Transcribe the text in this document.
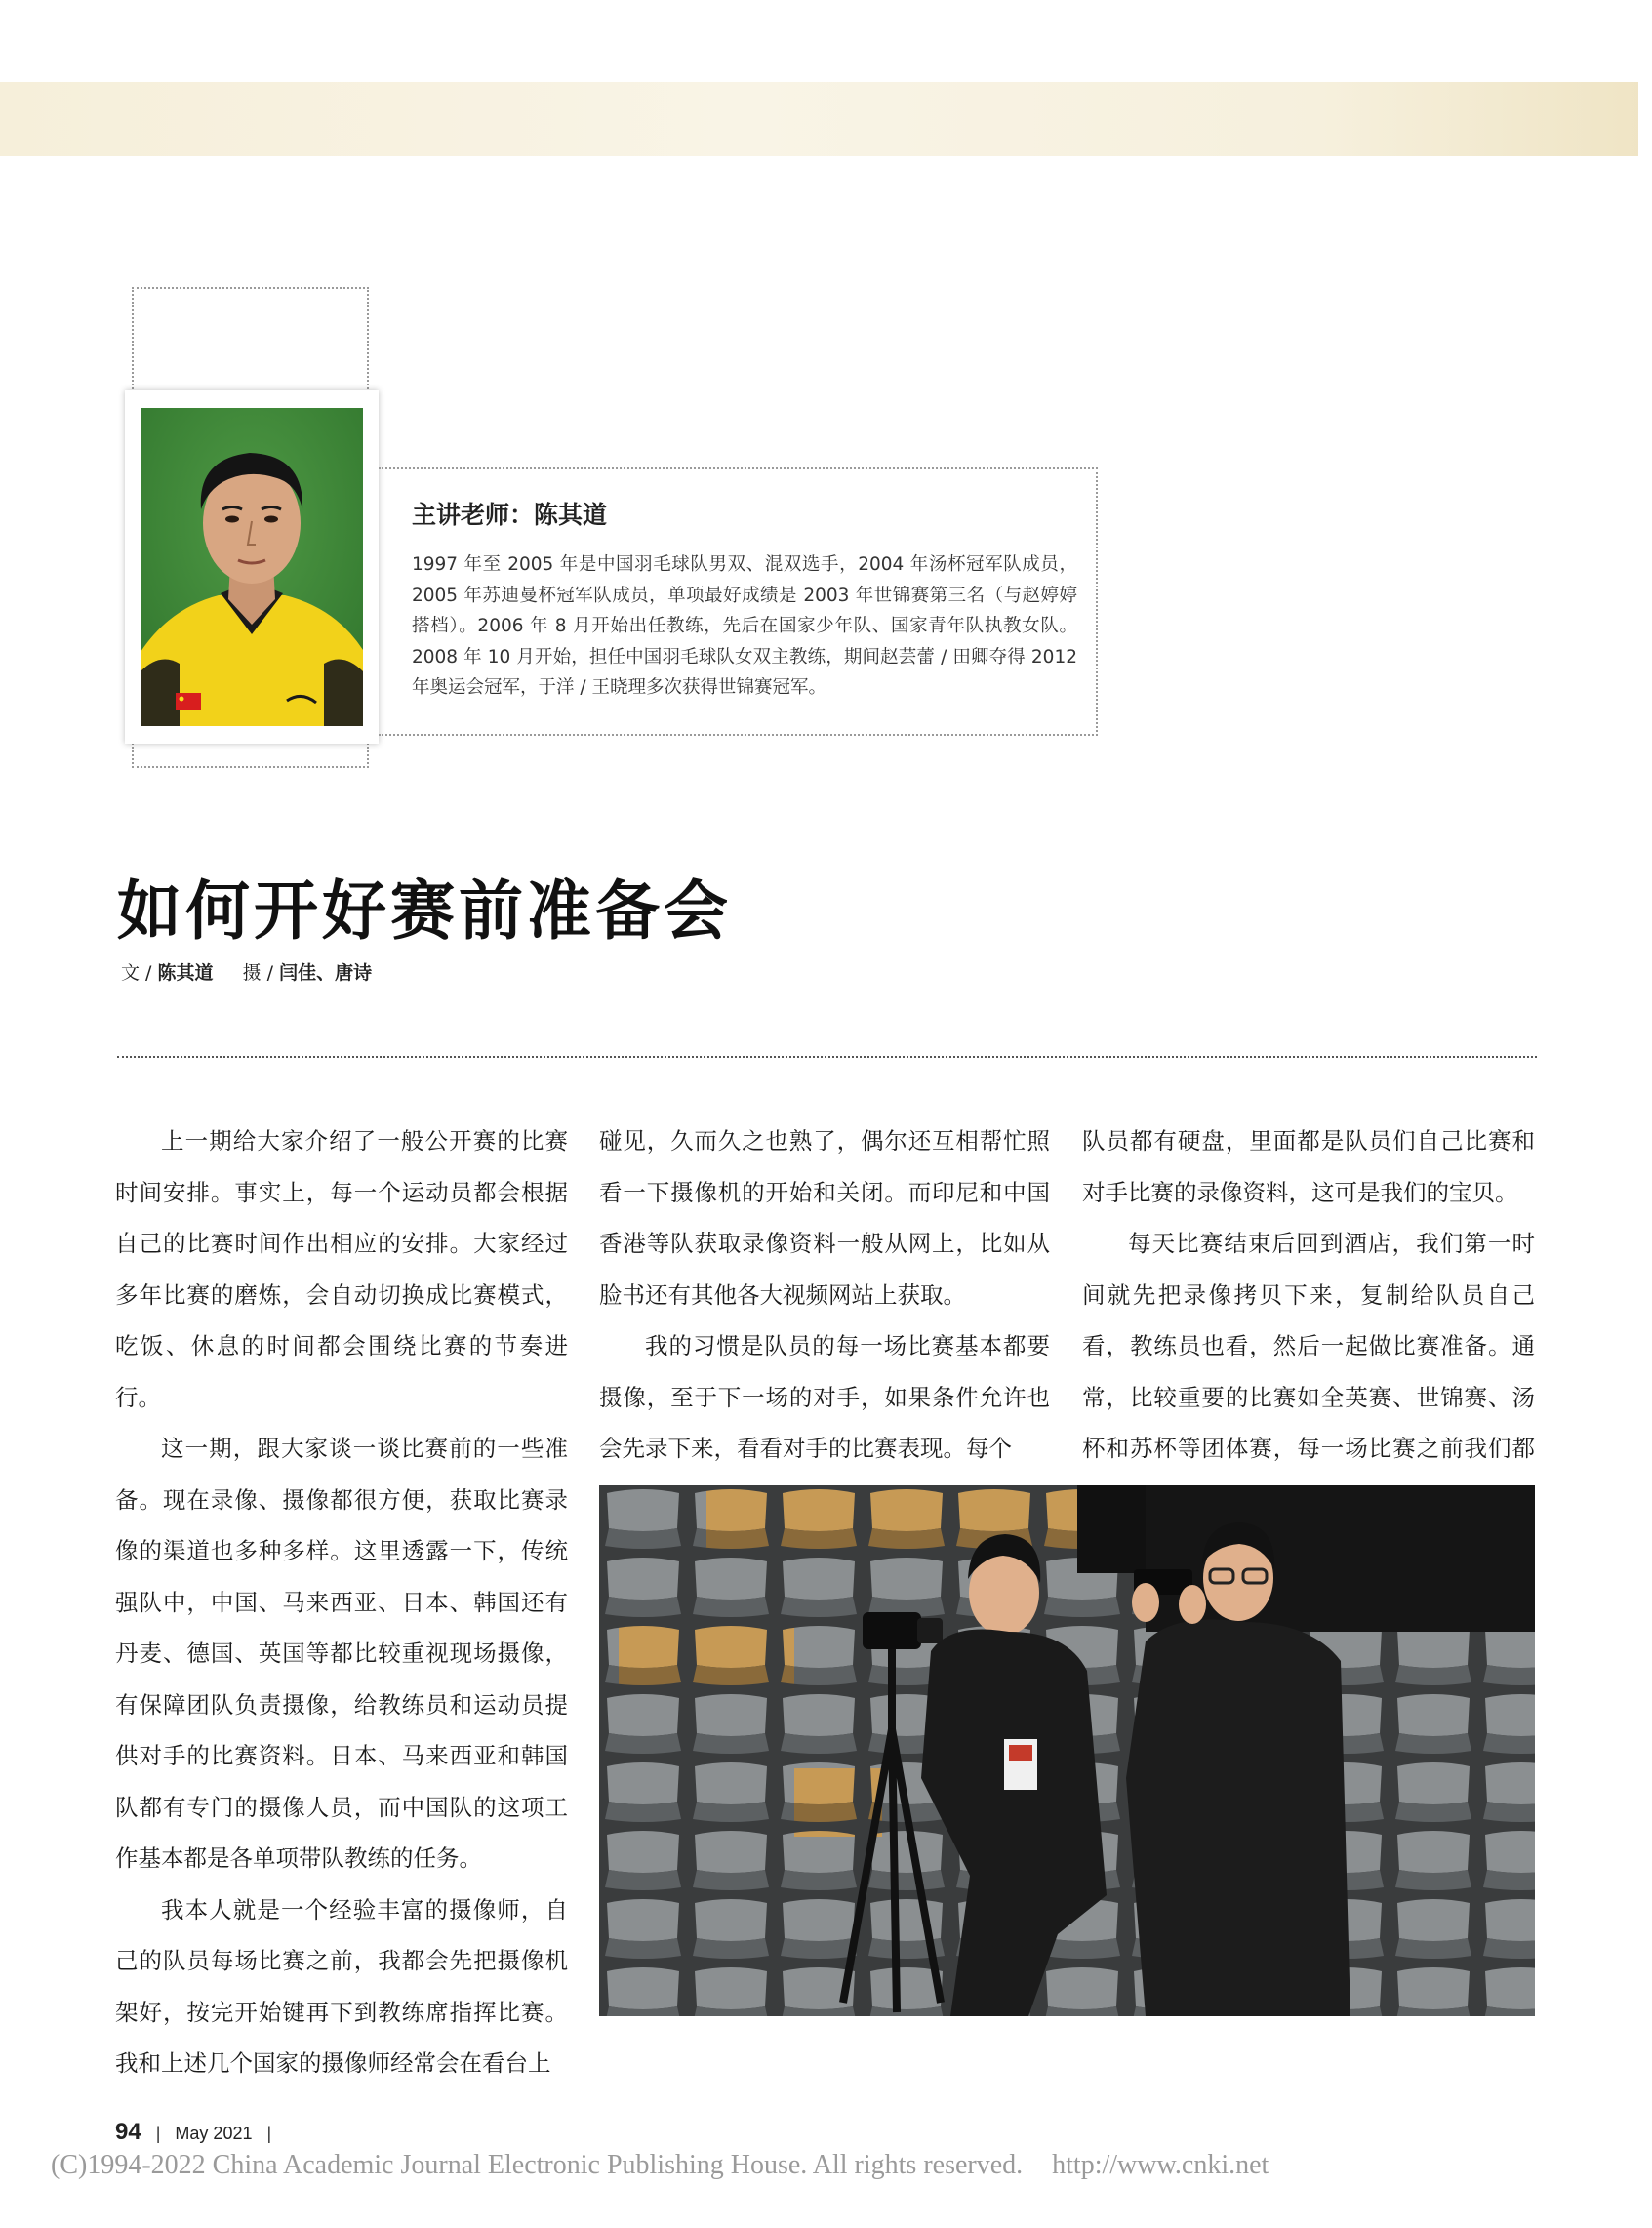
主讲老师：陈其道
1997 年至 2005 年是中国羽毛球队男双、混双选手，2004 年汤杯冠军队成员，2005 年苏迪曼杯冠军队成员，单项最好成绩是 2003 年世锦赛第三名（与赵婷婷搭档）。2006 年 8 月开始出任教练，先后在国家少年队、国家青年队执教女队。2008 年 10 月开始，担任中国羽毛球队女双主教练，期间赵芸蕾 / 田卿夺得 2012 年奥运会冠军，于洋 / 王晓理多次获得世锦赛冠军。
如何开好赛前准备会
文 / 陈其道 摄 / 闫佳、唐诗

上一期给大家介绍了一般公开赛的比赛时间安排。事实上，每一个运动员都会根据自己的比赛时间作出相应的安排。大家经过多年比赛的磨炼，会自动切换成比赛模式，吃饭、休息的时间都会围绕比赛的节奏进行。

这一期，跟大家谈一谈比赛前的一些准备。现在录像、摄像都很方便，获取比赛录像的渠道也多种多样。这里透露一下，传统强队中，中国、马来西亚、日本、韩国还有丹麦、德国、英国等都比较重视现场摄像，有保障团队负责摄像，给教练员和运动员提供对手的比赛资料。日本、马来西亚和韩国队都有专门的摄像人员，而中国队的这项工作基本都是各单项带队教练的任务。

我本人就是一个经验丰富的摄像师，自己的队员每场比赛之前，我都会先把摄像机架好，按完开始键再下到教练席指挥比赛。我和上述几个国家的摄像师经常会在看台上

碰见，久而久之也熟了，偶尔还互相帮忙照看一下摄像机的开始和关闭。而印尼和中国香港等队获取录像资料一般从网上，比如从脸书还有其他各大视频网站上获取。

我的习惯是队员的每一场比赛基本都要摄像，至于下一场的对手，如果条件允许也会先录下来，看看对手的比赛表现。每个

队员都有硬盘，里面都是队员们自己比赛和对手比赛的录像资料，这可是我们的宝贝。

每天比赛结束后回到酒店，我们第一时间就先把录像拷贝下来，复制给队员自己看，教练员也看，然后一起做比赛准备。通常，比较重要的比赛如全英赛、世锦赛、汤杯和苏杯等团体赛，每一场比赛之前我们都

94 | May 2021 |
(C)1994-2022 China Academic Journal Electronic Publishing House. All rights reserved. http://www.cnki.net
